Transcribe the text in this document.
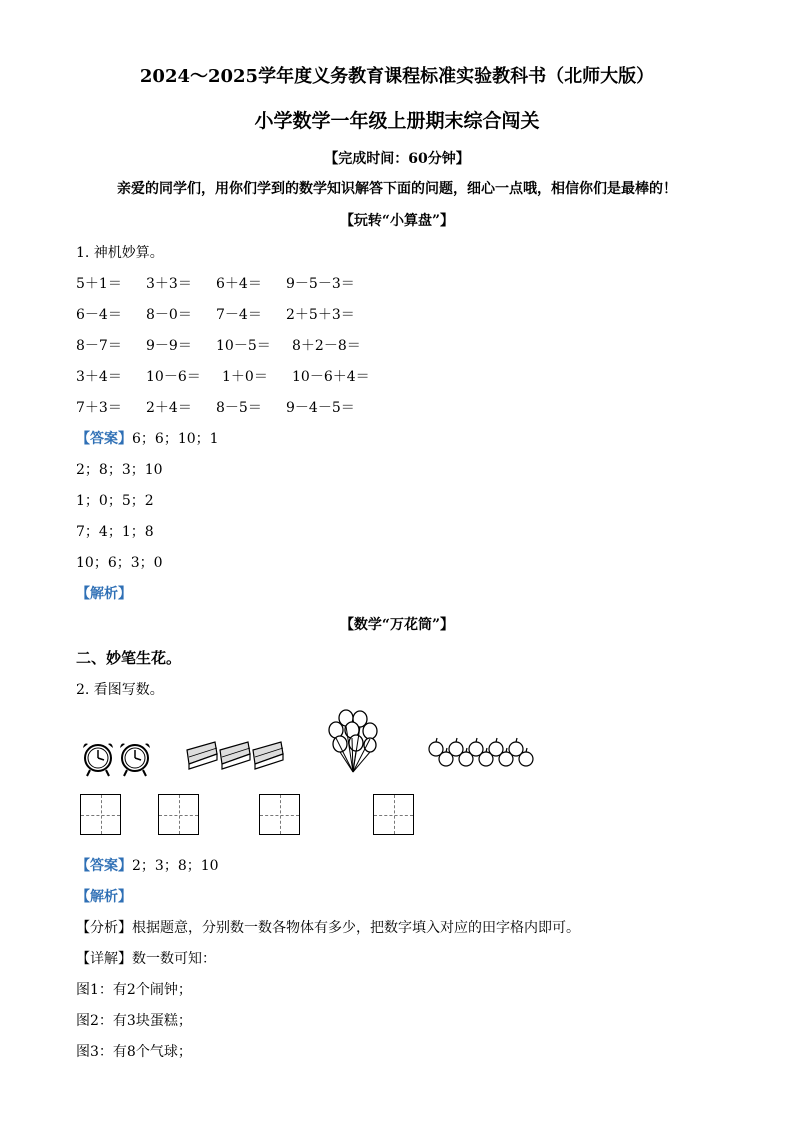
2024～2025学年度义务教育课程标准实验教科书（北师大版）
小学数学一年级上册期末综合闯关
【完成时间：60分钟】
亲爱的同学们，用你们学到的数学知识解答下面的问题，细心一点哦，相信你们是最棒的！
【玩转“小算盘”】
1. 神机妙算。
5＋1＝ 3＋3＝ 6＋4＝ 9－5－3＝
6－4＝ 8－0＝ 7－4＝ 2＋5＋3＝
8－7＝ 9－9＝ 10－5＝ 8＋2－8＝
3＋4＝ 10－6＝ 1＋0＝ 10－6＋4＝
7＋3＝ 2＋4＝ 8－5＝ 9－4－5＝
【答案】6；6；10；1
2；8；3；10
1；0；5；2
7；4；1；8
10；6；3；0
【解析】
【数学“万花筒”】
二、妙笔生花。
2. 看图写数。
【答案】2；3；8；10
【解析】
【分析】根据题意，分别数一数各物体有多少，把数字填入对应的田字格内即可。
【详解】数一数可知：
图1：有2个闹钟；
图2：有3块蛋糕；
图3：有8个气球；
